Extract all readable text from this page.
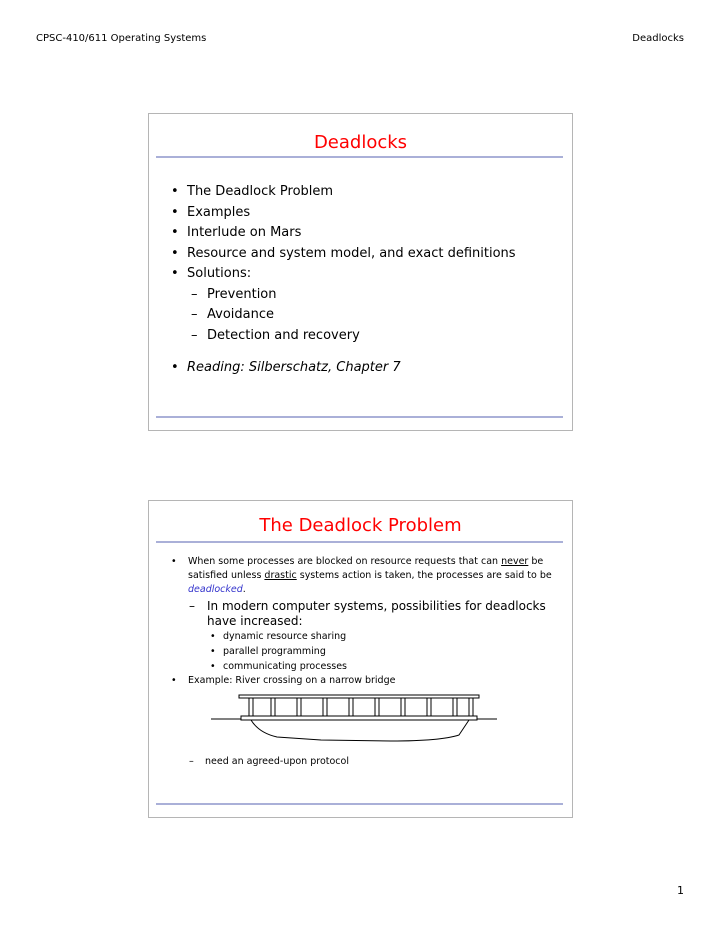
CPSC-410/611 Operating Systems	Deadlocks
Deadlocks
• The Deadlock Problem
• Examples
• Interlude on Mars
• Resource and system model, and exact definitions
• Solutions:
– Prevention
– Avoidance
– Detection and recovery
• Reading: Silberschatz, Chapter 7
The Deadlock Problem
• When some processes are blocked on resource requests that can never be satisfied unless drastic systems action is taken, the processes are said to be deadlocked.
– In modern computer systems, possibilities for deadlocks have increased:
• dynamic resource sharing
• parallel programming
• communicating processes
• Example: River crossing on a narrow bridge
– need an agreed-upon protocol
1
